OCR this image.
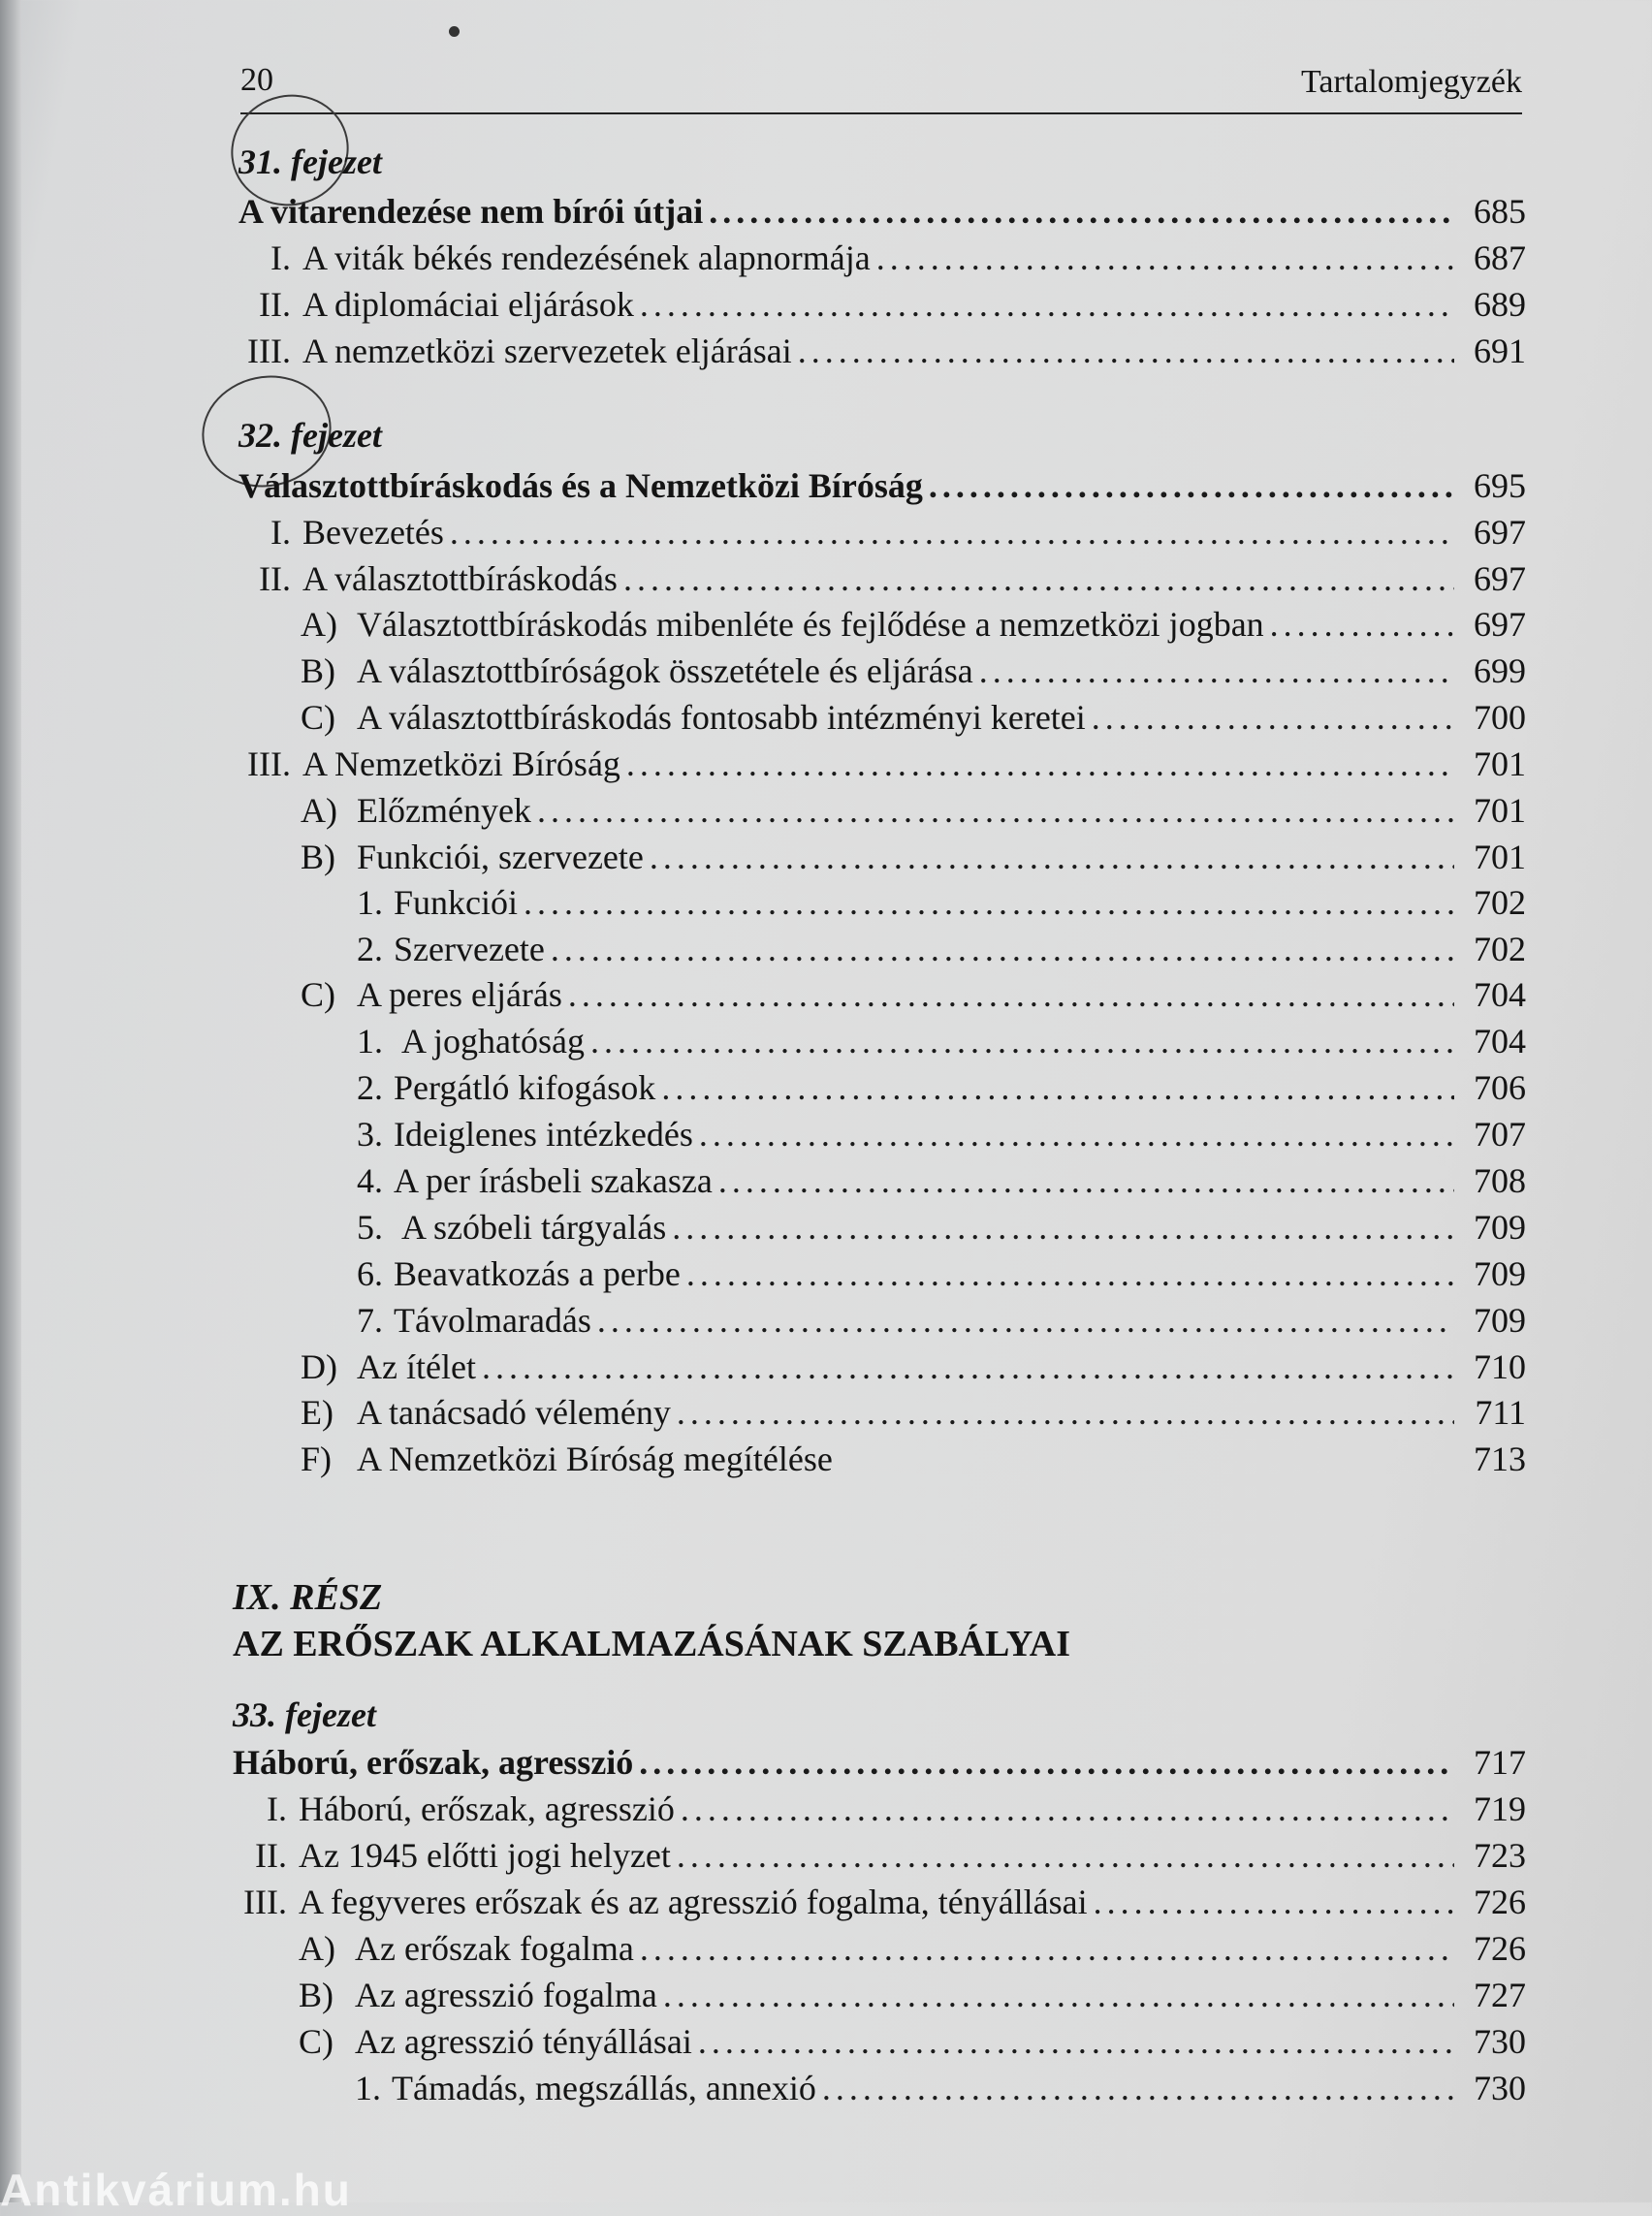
20	Tartalomjegyzék
31. fejezet
A vitarendezése nem bírói útjai . . .	685
I. A viták békés rendezésének alapnormája . . .	687
II. A diplomáciai eljárások . . .	689
III. A nemzetközi szervezetek eljárásai . . .	691
32. fejezet
Választottbíráskodás és a Nemzetközi Bíróság . . .	695
I. Bevezetés . . .	697
II. A választottbíráskodás . . .	697
A) Választottbíráskodás mibenléte és fejlődése a nemzetközi jogban . . .	697
B) A választottbíróságok összetétele és eljárása . . .	699
C) A választottbíráskodás fontosabb intézményi keretei . . .	700
III. A Nemzetközi Bíróság . . .	701
A) Előzmények . . .	701
B) Funkciói, szervezete . . .	701
1. Funkciói . . .	702
2. Szervezete . . .	702
C) A peres eljárás . . .	704
1. A joghatóság . . .	704
2. Pergátló kifogások . . .	706
3. Ideiglenes intézkedés . . .	707
4. A per írásbeli szakasza . . .	708
5. A szóbeli tárgyalás . . .	709
6. Beavatkozás a perbe . . .	709
7. Távolmaradás . . .	709
D) Az ítélet . . .	710
E) A tanácsadó vélemény . . .	711
F) A Nemzetközi Bíróság megítélése	713
IX. RÉSZ
AZ ERŐSZAK ALKALMAZÁSÁNAK SZABÁLYAI
33. fejezet
Háború, erőszak, agresszió . . .	717
I. Háború, erőszak, agresszió . . .	719
II. Az 1945 előtti jogi helyzet . . .	723
III. A fegyveres erőszak és az agresszió fogalma, tényállásai . . .	726
A) Az erőszak fogalma . . .	726
B) Az agresszió fogalma . . .	727
C) Az agresszió tényállásai . . .	730
1. Támadás, megszállás, annexió . . .	730
Antikvárium.hu
